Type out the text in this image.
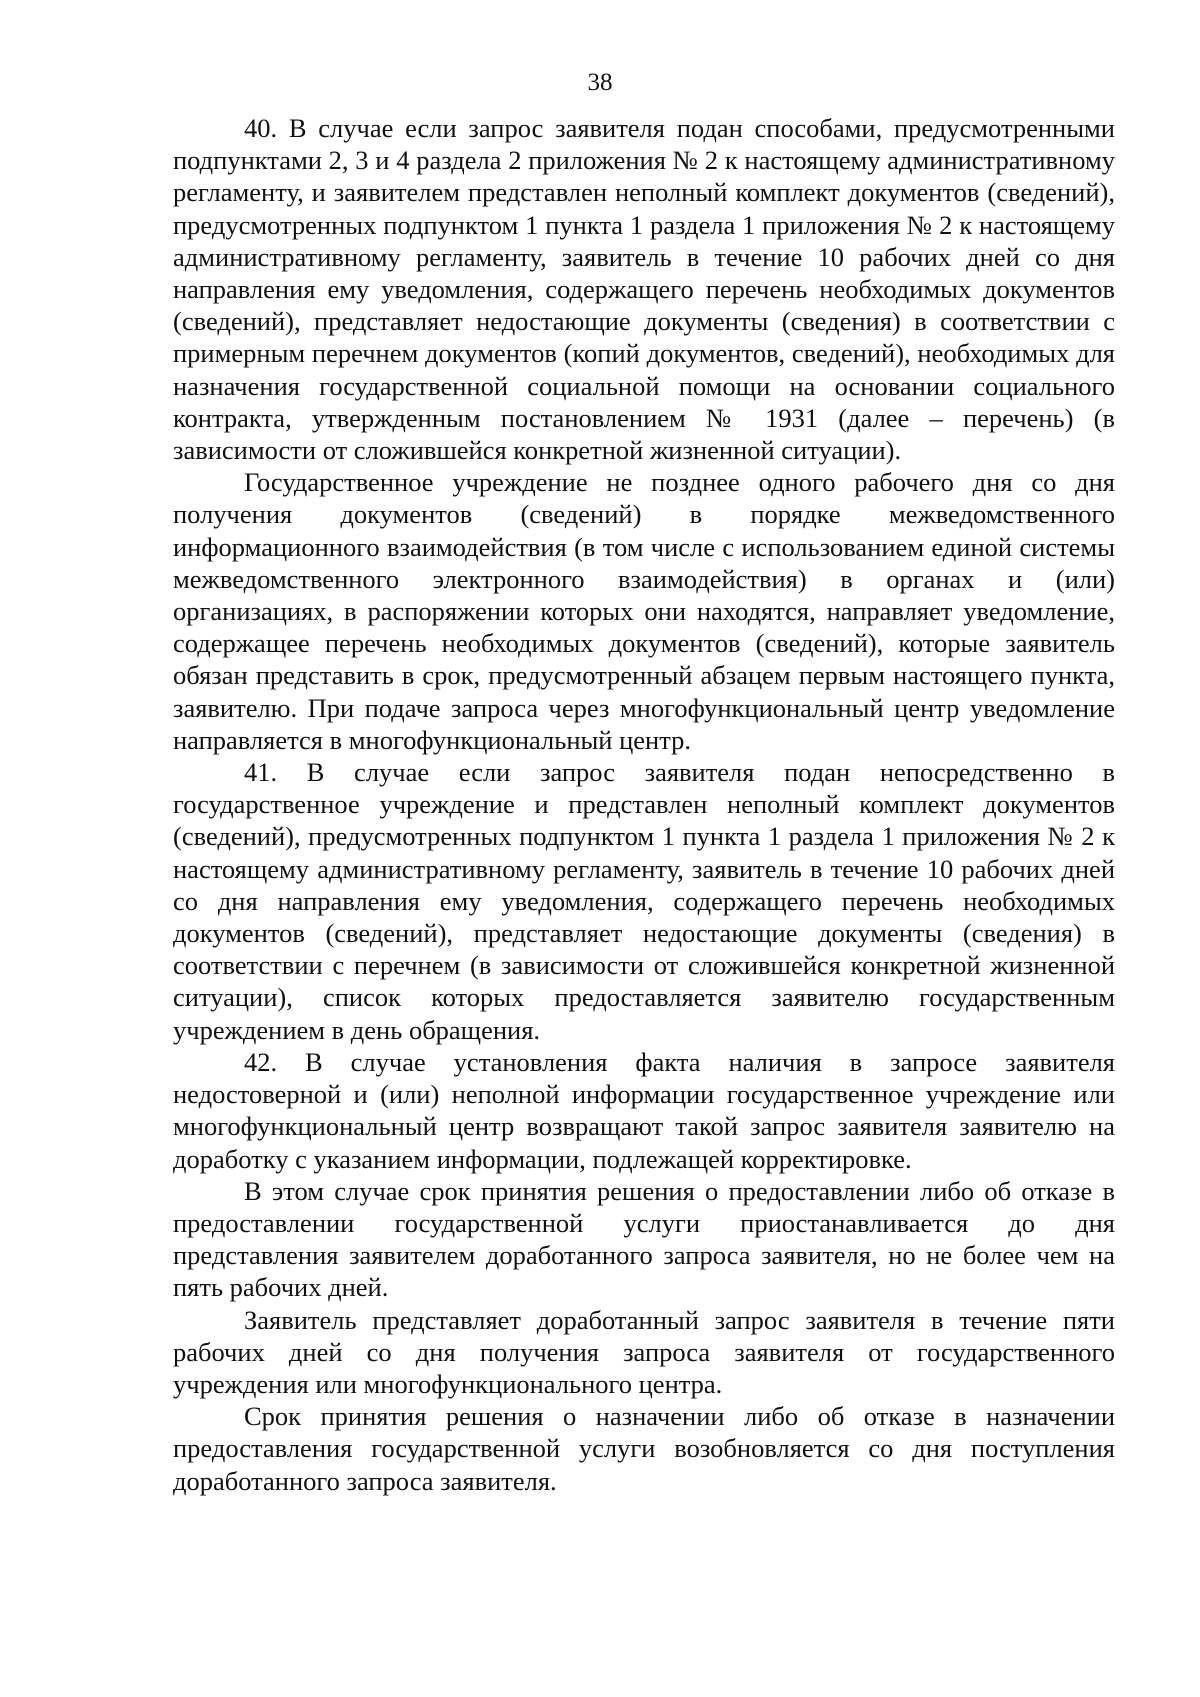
38

40. В случае если запрос заявителя подан способами, предусмотренными подпунктами 2, 3 и 4 раздела 2 приложения № 2 к настоящему административному регламенту, и заявителем представлен неполный комплект документов (сведений), предусмотренных подпунктом 1 пункта 1 раздела 1 приложения № 2 к настоящему административному регламенту, заявитель в течение 10 рабочих дней со дня направления ему уведомления, содержащего перечень необходимых документов (сведений), представляет недостающие документы (сведения) в соответствии с примерным перечнем документов (копий документов, сведений), необходимых для назначения государственной социальной помощи на основании социального контракта, утвержденным постановлением № 1931 (далее – перечень) (в зависимости от сложившейся конкретной жизненной ситуации).

Государственное учреждение не позднее одного рабочего дня со дня получения документов (сведений) в порядке межведомственного информационного взаимодействия (в том числе с использованием единой системы межведомственного электронного взаимодействия) в органах и (или) организациях, в распоряжении которых они находятся, направляет уведомление, содержащее перечень необходимых документов (сведений), которые заявитель обязан представить в срок, предусмотренный абзацем первым настоящего пункта, заявителю. При подаче запроса через многофункциональный центр уведомление направляется в многофункциональный центр.

41. В случае если запрос заявителя подан непосредственно в государственное учреждение и представлен неполный комплект документов (сведений), предусмотренных подпунктом 1 пункта 1 раздела 1 приложения № 2 к настоящему административному регламенту, заявитель в течение 10 рабочих дней со дня направления ему уведомления, содержащего перечень необходимых документов (сведений), представляет недостающие документы (сведения) в соответствии с перечнем (в зависимости от сложившейся конкретной жизненной ситуации), список которых предоставляется заявителю государственным учреждением в день обращения.

42. В случае установления факта наличия в запросе заявителя недостоверной и (или) неполной информации государственное учреждение или многофункциональный центр возвращают такой запрос заявителя заявителю на доработку с указанием информации, подлежащей корректировке.

В этом случае срок принятия решения о предоставлении либо об отказе в предоставлении государственной услуги приостанавливается до дня представления заявителем доработанного запроса заявителя, но не более чем на пять рабочих дней.

Заявитель представляет доработанный запрос заявителя в течение пяти рабочих дней со дня получения запроса заявителя от государственного учреждения или многофункционального центра.

Срок принятия решения о назначении либо об отказе в назначении предоставления государственной услуги возобновляется со дня поступления доработанного запроса заявителя.
